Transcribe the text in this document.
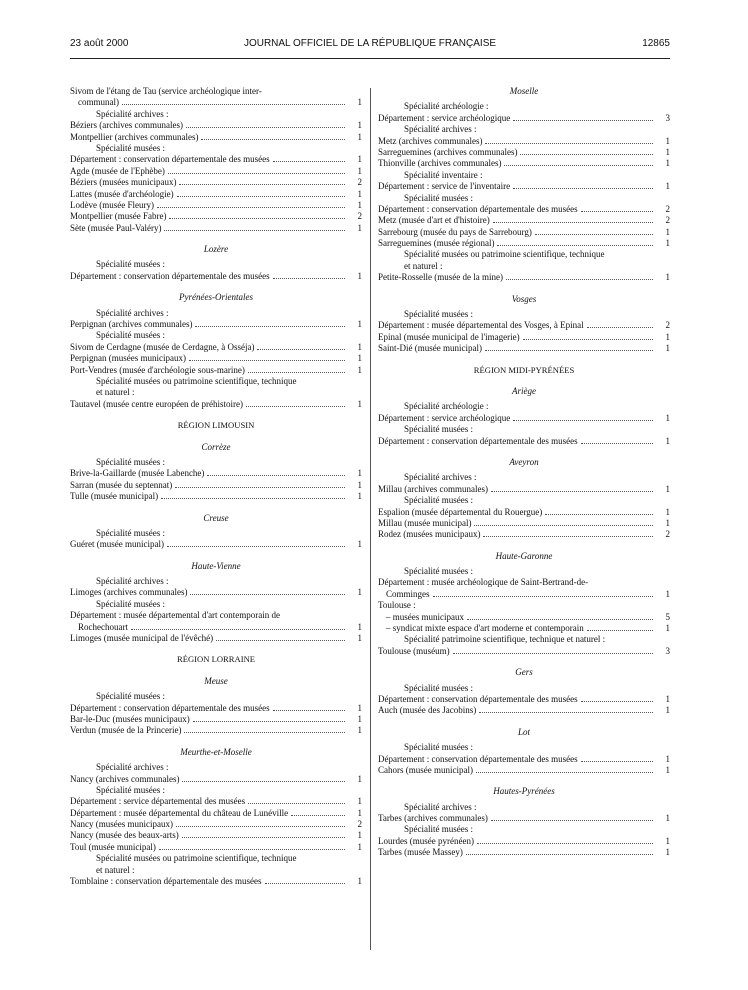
23 août 2000	JOURNAL OFFICIEL DE LA RÉPUBLIQUE FRANÇAISE	12865
Sivom de l'étang de Tau (service archéologique inter-
communal)	1
Spécialité archives :
Béziers (archives communales)	1
Montpellier (archives communales)	1
Spécialité musées :
Département : conservation départementale des musées	1
Agde (musée de l'Ephèbe)	1
Béziers (musées municipaux)	2
Lattes (musée d'archéologie)	1
Lodève (musée Fleury)	1
Montpellier (musée Fabre)	2
Sète (musée Paul-Valéry)	1
Lozère
Spécialité musées :
Département : conservation départementale des musées	1
Pyrénées-Orientales
Spécialité archives :
Perpignan (archives communales)	1
Spécialité musées :
Sivom de Cerdagne (musée de Cerdagne, à Osséja)	1
Perpignan (musées municipaux)	1
Port-Vendres (musée d'archéologie sous-marine)	1
Spécialité musées ou patrimoine scientifique, technique
et naturel :
Tautavel (musée centre européen de préhistoire)	1
RÉGION LIMOUSIN
Corrèze
Spécialité musées :
Brive-la-Gaillarde (musée Labenche)	1
Sarran (musée du septennat)	1
Tulle (musée municipal)	1
Creuse
Spécialité musées :
Guéret (musée municipal)	1
Haute-Vienne
Spécialité archives :
Limoges (archives communales)	1
Spécialité musées :
Département : musée départemental d'art contemporain de
Rochechouart	1
Limoges (musée municipal de l'évêché)	1
RÉGION LORRAINE
Meuse
Spécialité musées :
Département : conservation départementale des musées	1
Bar-le-Duc (musées municipaux)	1
Verdun (musée de la Princerie)	1
Meurthe-et-Moselle
Spécialité archives :
Nancy (archives communales)	1
Spécialité musées :
Département : service départemental des musées	1
Département : musée départemental du château de Lunéville	1
Nancy (musées municipaux)	2
Nancy (musée des beaux-arts)	1
Toul (musée municipal)	1
Spécialité musées ou patrimoine scientifique, technique
et naturel :
Tomblaine : conservation départementale des musées	1
Moselle
Spécialité archéologie :
Département : service archéologique	3
Spécialité archives :
Metz (archives communales)	1
Sarreguemines (archives communales)	1
Thionville (archives communales)	1
Spécialité inventaire :
Département : service de l'inventaire	1
Spécialité musées :
Département : conservation départementale des musées	2
Metz (musée d'art et d'histoire)	2
Sarrebourg (musée du pays de Sarrebourg)	1
Sarreguemines (musée régional)	1
Spécialité musées ou patrimoine scientifique, technique
et naturel :
Petite-Rosselle (musée de la mine)	1
Vosges
Spécialité musées :
Département : musée départemental des Vosges, à Epinal	2
Epinal (musée municipal de l'imagerie)	1
Saint-Dié (musée municipal)	1
RÉGION MIDI-PYRÉNÉES
Ariège
Spécialité archéologie :
Département : service archéologique	1
Spécialité musées :
Département : conservation départementale des musées	1
Aveyron
Spécialité archives :
Millau (archives communales)	1
Spécialité musées :
Espalion (musée départemental du Rouergue)	1
Millau (musée municipal)	1
Rodez (musées municipaux)	2
Haute-Garonne
Spécialité musées :
Département : musée archéologique de Saint-Bertrand-de-
Comminges	1
Toulouse :
– musées municipaux	5
– syndicat mixte espace d'art moderne et contemporain	1
Spécialité patrimoine scientifique, technique et naturel :
Toulouse (muséum)	3
Gers
Spécialité musées :
Département : conservation départementale des musées	1
Auch (musée des Jacobins)	1
Lot
Spécialité musées :
Département : conservation départementale des musées	1
Cahors (musée municipal)	1
Hautes-Pyrénées
Spécialité archives :
Tarbes (archives communales)	1
Spécialité musées :
Lourdes (musée pyrénéen)	1
Tarbes (musée Massey)	1
